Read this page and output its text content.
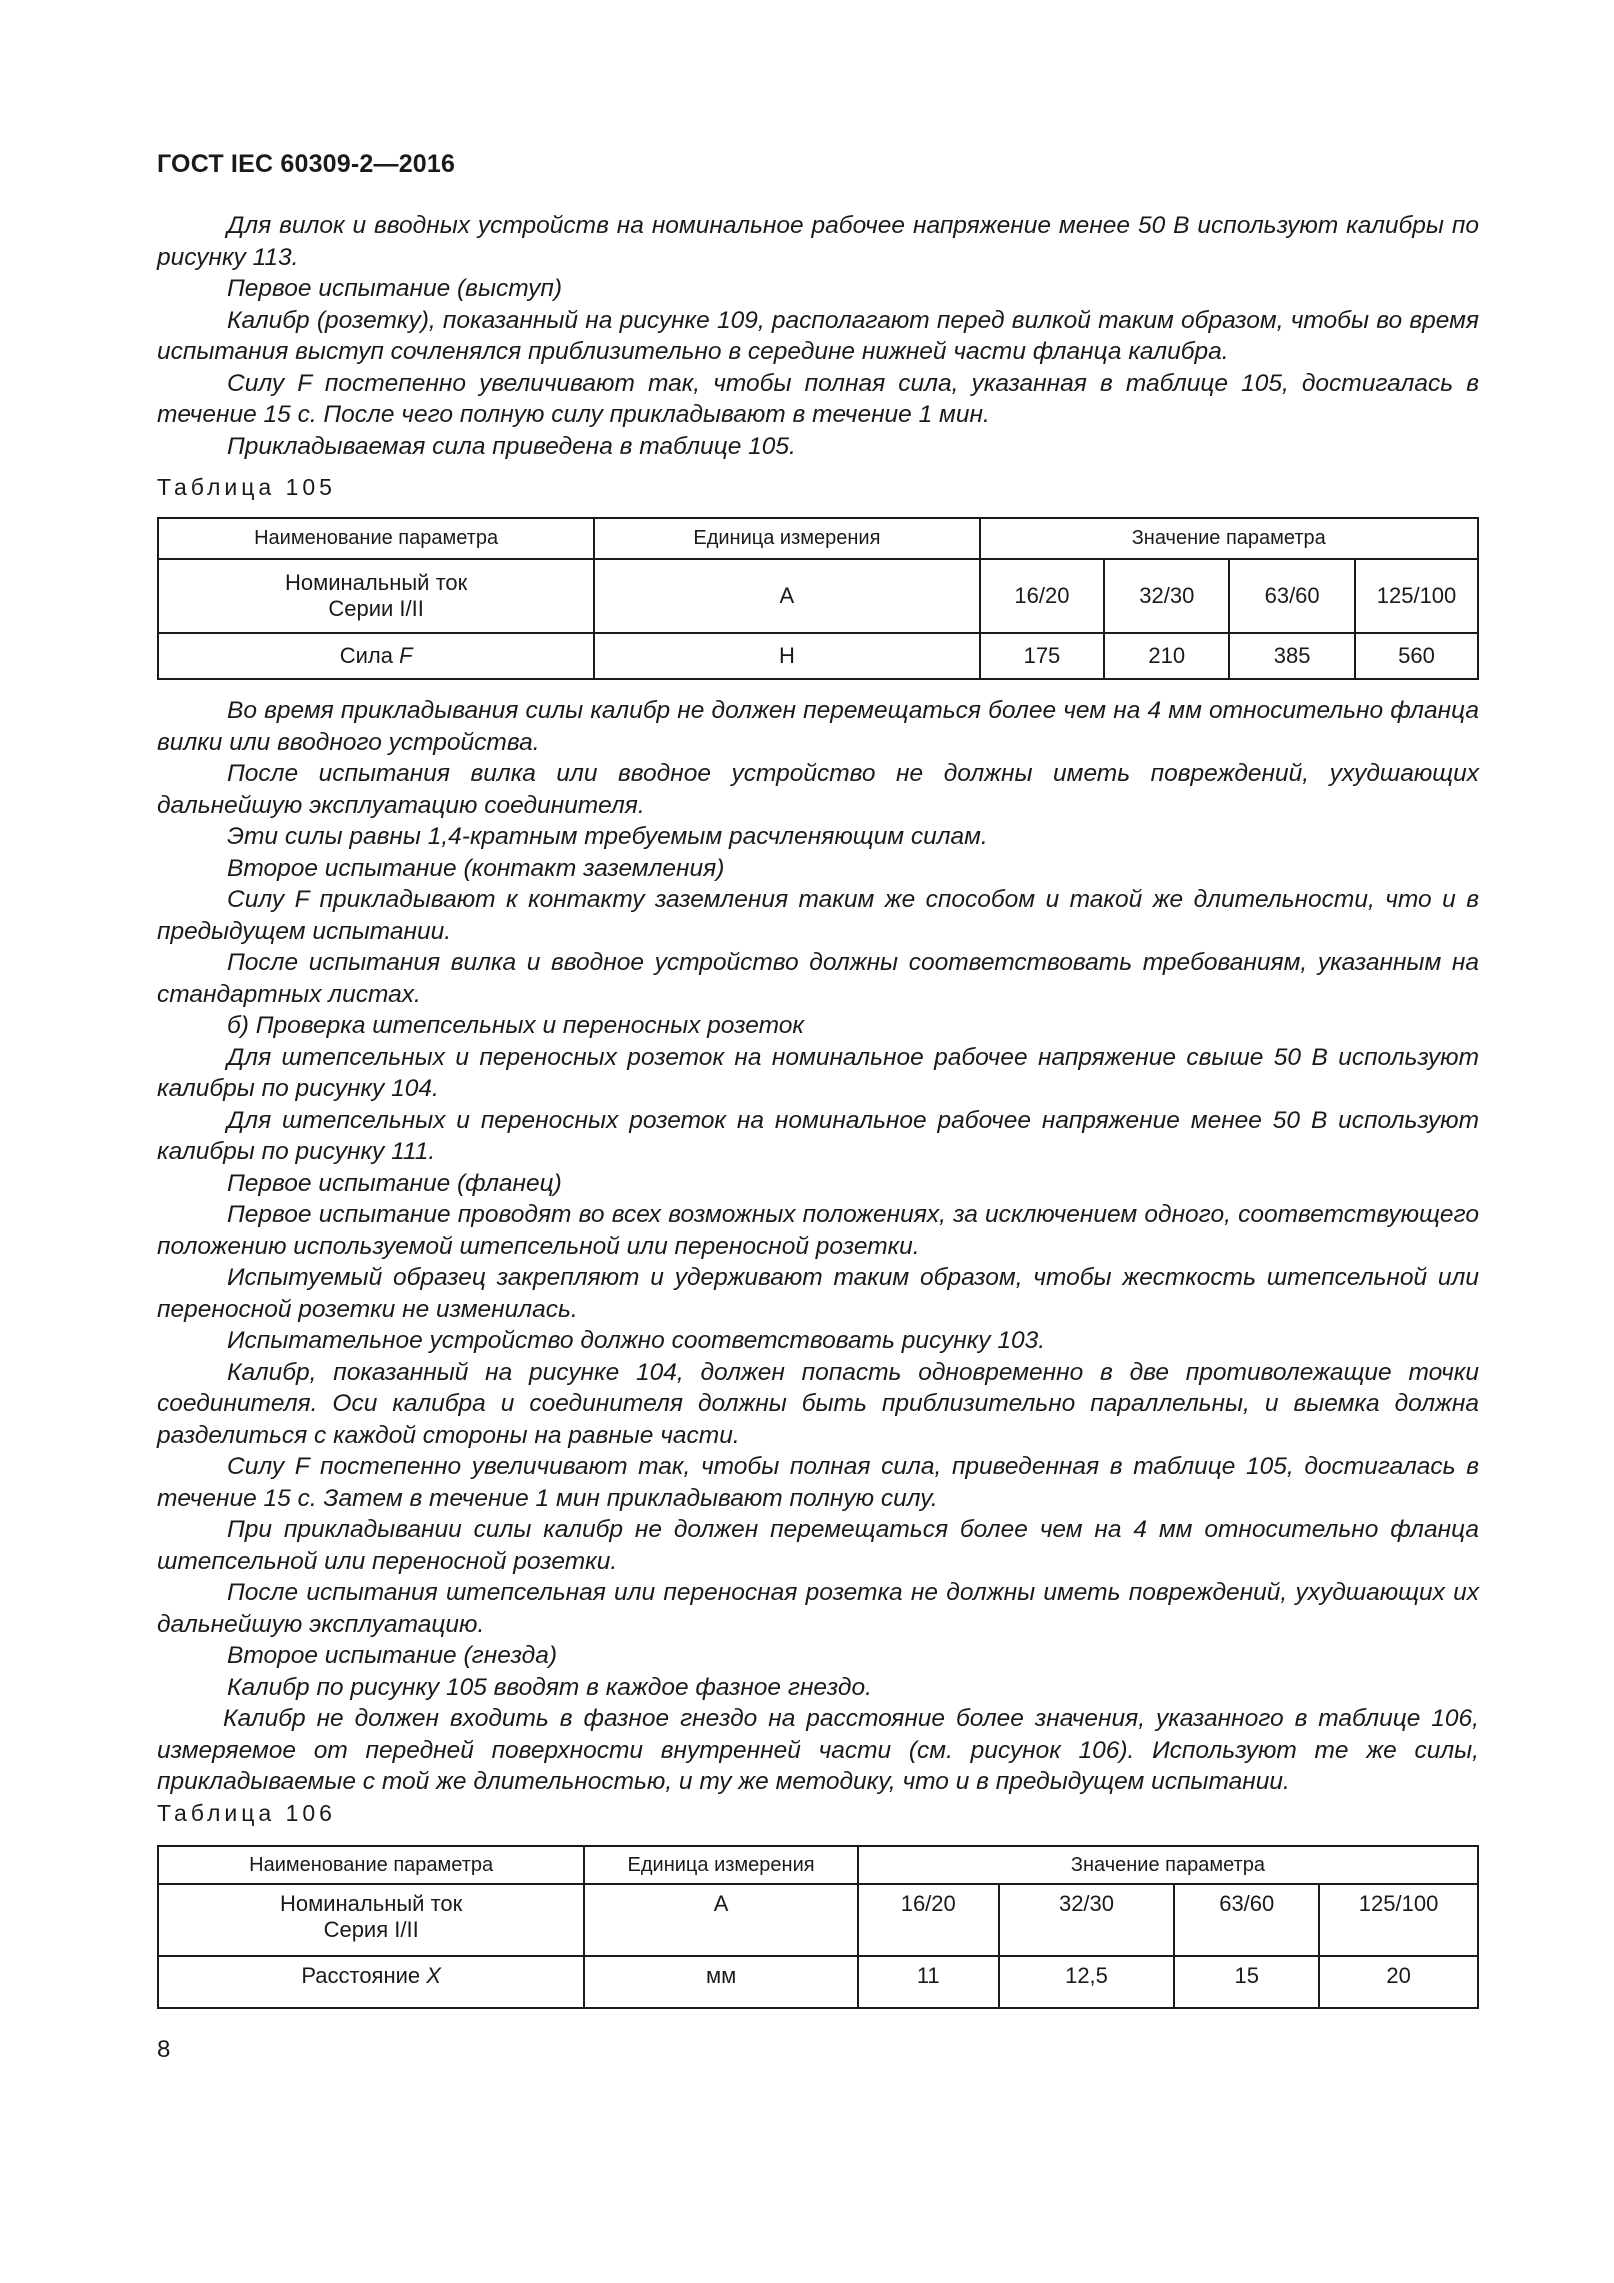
ГОСТ IEC 60309-2—2016

Для вилок и вводных устройств на номинальное рабочее напряжение менее 50 В используют калибры по рисунку 113.

Первое испытание (выступ)

Калибр (розетку), показанный на рисунке 109, располагают перед вилкой таким образом, чтобы во время испытания выступ сочленялся приблизительно в середине нижней части фланца калибра.

Силу F постепенно увеличивают так, чтобы полная сила, указанная в таблице 105, достигалась в течение 15 с. После чего полную силу прикладывают в течение 1 мин.

Прикладываемая сила приведена в таблице 105.

Таблица 105
Наименование параметра	Единица измерения	Значение параметра			
Номинальный ток Серии I/II	А	16/20	32/30	63/60	125/100
Сила F	Н	175	210	385	560

Во время прикладывания силы калибр не должен перемещаться более чем на 4 мм относительно фланца вилки или вводного устройства.

После испытания вилка или вводное устройство не должны иметь повреждений, ухудшающих дальнейшую эксплуатацию соединителя.

Эти силы равны 1,4-кратным требуемым расчленяющим силам.

Второе испытание (контакт заземления)

Силу F прикладывают к контакту заземления таким же способом и такой же длительности, что и в предыдущем испытании.

После испытания вилка и вводное устройство должны соответствовать требованиям, указанным на стандартных листах.

б) Проверка штепсельных и переносных розеток

Для штепсельных и переносных розеток на номинальное рабочее напряжение свыше 50 В используют калибры по рисунку 104.

Для штепсельных и переносных розеток на номинальное рабочее напряжение менее 50 В используют калибры по рисунку 111.

Первое испытание (фланец)

Первое испытание проводят во всех возможных положениях, за исключением одного, соответствующего положению используемой штепсельной или переносной розетки.

Испытуемый образец закрепляют и удерживают таким образом, чтобы жесткость штепсельной или переносной розетки не изменилась.

Испытательное устройство должно соответствовать рисунку 103.

Калибр, показанный на рисунке 104, должен попасть одновременно в две противолежащие точки соединителя. Оси калибра и соединителя должны быть приблизительно параллельны, и выемка должна разделиться с каждой стороны на равные части.

Силу F постепенно увеличивают так, чтобы полная сила, приведенная в таблице 105, достигалась в течение 15 с. Затем в течение 1 мин прикладывают полную силу.

При прикладывании силы калибр не должен перемещаться более чем на 4 мм относительно фланца штепсельной или переносной розетки.

После испытания штепсельная или переносная розетка не должны иметь повреждений, ухудшающих их дальнейшую эксплуатацию.

Второе испытание (гнезда)

Калибр по рисунку 105 вводят в каждое фазное гнездо.

Калибр не должен входить в фазное гнездо на расстояние более значения, указанного в таблице 106, измеряемое от передней поверхности внутренней части (см. рисунок 106). Используют те же силы, прикладываемые с той же длительностью, и ту же методику, что и в предыдущем испытании.

Таблица 106
Наименование параметра	Единица измерения	Значение параметра			
Номинальный ток Серия I/II	А	16/20	32/30	63/60	125/100
Расстояние X	мм	11	12,5	15	20
8
